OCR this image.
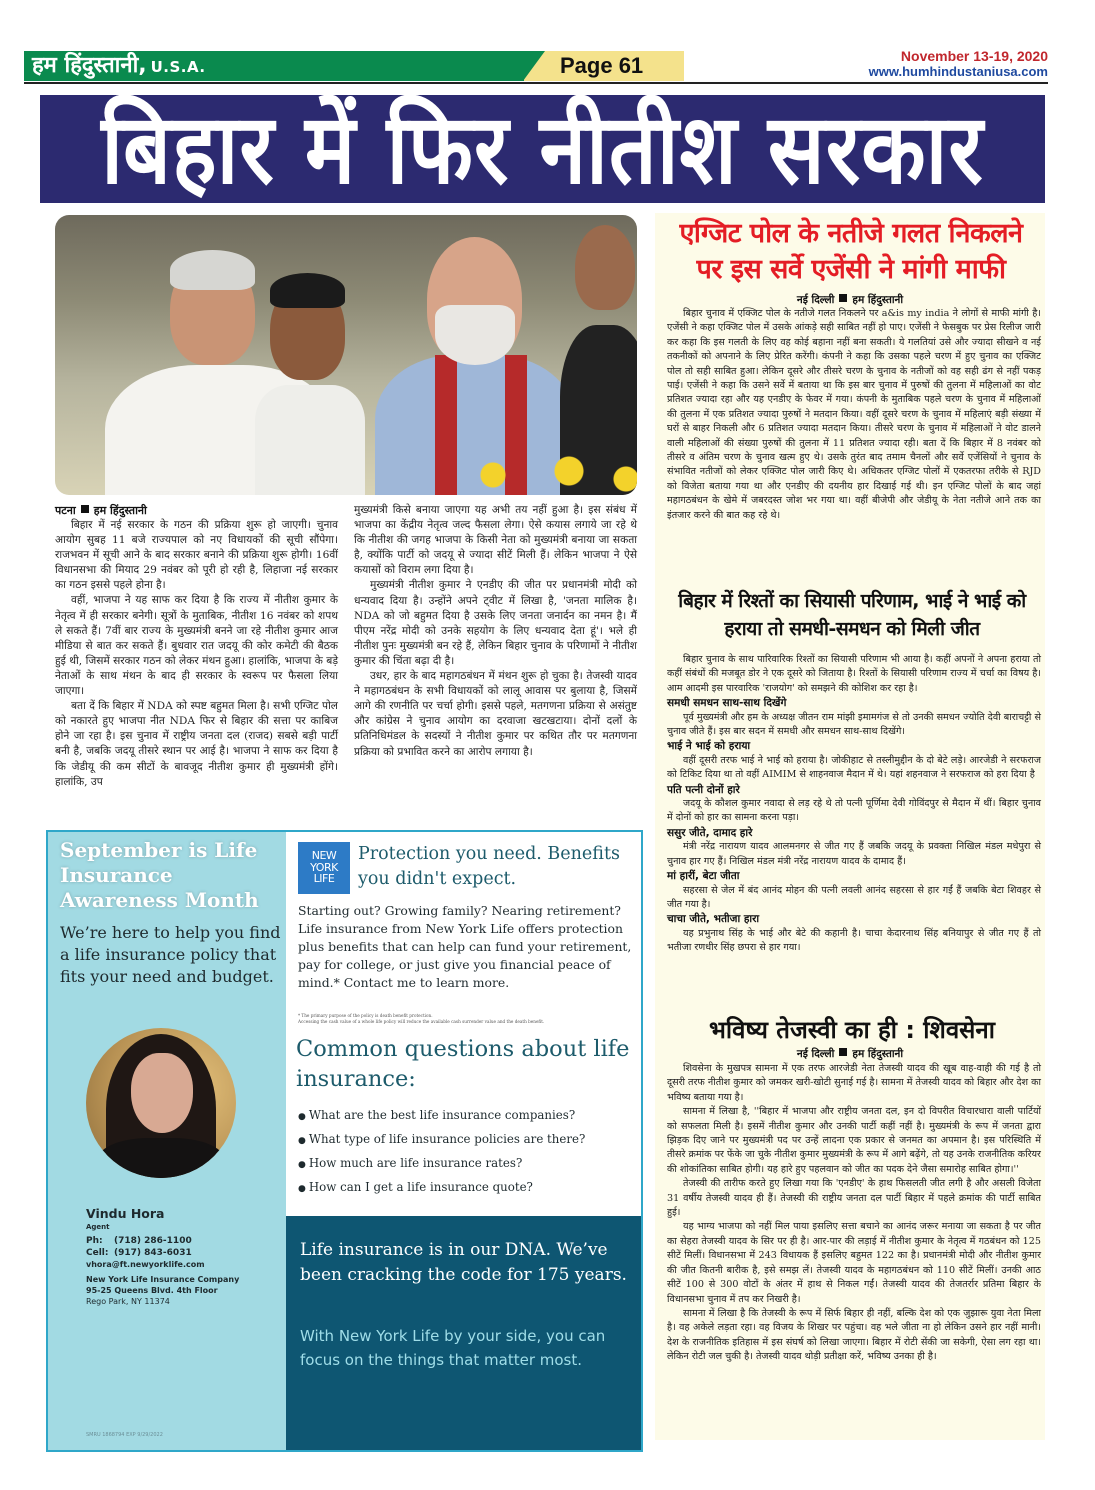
हम हिंदुस्तानी, U.S.A.	Page 61	November 13-19, 2020
www.humhindustaniusa.com
बिहार में फिर नीतीश सरकार
पटना हम हिंदुस्तानी

बिहार में नई सरकार के गठन की प्रक्रिया शुरू हो जाएगी। चुनाव आयोग सुबह 11 बजे राज्यपाल को नए विधायकों की सूची सौंपेगा। राजभवन में सूची आने के बाद सरकार बनाने की प्रक्रिया शुरू होगी। 16वीं विधानसभा की मियाद 29 नवंबर को पूरी हो रही है, लिहाजा नई सरकार का गठन इससे पहले होना है।

वहीं, भाजपा ने यह साफ कर दिया है कि राज्य में नीतीश कुमार के नेतृत्व में ही सरकार बनेगी। सूत्रों के मुताबिक, नीतीश 16 नवंबर को शपथ ले सकते हैं। 7वीं बार राज्य के मुख्यमंत्री बनने जा रहे नीतीश कुमार आज मीडिया से बात कर सकते हैं। बुधवार रात जदयू की कोर कमेटी की बैठक हुई थी, जिसमें सरकार गठन को लेकर मंथन हुआ। हालांकि, भाजपा के बड़े नेताओं के साथ मंथन के बाद ही सरकार के स्वरूप पर फैसला लिया जाएगा।

बता दें कि बिहार में NDA को स्पष्ट बहुमत मिला है। सभी एग्जिट पोल को नकारते हुए भाजपा नीत NDA फिर से बिहार की सत्ता पर काबिज होने जा रहा है। इस चुनाव में राष्ट्रीय जनता दल (राजद) सबसे बड़ी पार्टी बनी है, जबकि जदयू तीसरे स्थान पर आई है। भाजपा ने साफ कर दिया है कि जेडीयू की कम सीटों के बावजूद नीतीश कुमार ही मुख्यमंत्री होंगे। हालांकि, उप

मुख्यमंत्री किसे बनाया जाएगा यह अभी तय नहीं हुआ है। इस संबंध में भाजपा का केंद्रीय नेतृत्व जल्द फैसला लेगा। ऐसे कयास लगाये जा रहे थे कि नीतीश की जगह भाजपा के किसी नेता को मुख्यमंत्री बनाया जा सकता है, क्योंकि पार्टी को जदयू से ज्यादा सीटें मिली हैं। लेकिन भाजपा ने ऐसे कयासों को विराम लगा दिया है।

मुख्यमंत्री नीतीश कुमार ने एनडीए की जीत पर प्रधानमंत्री मोदी को धन्यवाद दिया है। उन्होंने अपने ट्वीट में लिखा है, 'जनता मालिक है। NDA को जो बहुमत दिया है उसके लिए जनता जनार्दन का नमन है। मैं पीएम नरेंद्र मोदी को उनके सहयोग के लिए धन्यवाद देता हूं'। भले ही नीतीश पुनः मुख्यमंत्री बन रहे हैं, लेकिन बिहार चुनाव के परिणामों ने नीतीश कुमार की चिंता बढ़ा दी है।

उधर, हार के बाद महागठबंधन में मंथन शुरू हो चुका है। तेजस्वी यादव ने महागठबंधन के सभी विधायकों को लालू आवास पर बुलाया है, जिसमें आगे की रणनीति पर चर्चा होगी। इससे पहले, मतगणना प्रक्रिया से असंतुष्ट और कांग्रेस ने चुनाव आयोग का दरवाजा खटखटाया। दोनों दलों के प्रतिनिधिमंडल के सदस्यों ने नीतीश कुमार पर कथित तौर पर मतगणना प्रक्रिया को प्रभावित करने का आरोप लगाया है।

September is Life Insurance Awareness Month
We’re here to help you find a life insurance policy that fits your need and budget.
Vindu Hora
Agent
Ph: (718) 286-1100
Cell: (917) 843-6031
vhora@ft.newyorklife.com
New York Life Insurance Company
95-25 Queens Blvd. 4th Floor
Rego Park, NY 11374
SMRU 1868794 EXP 9/29/2022
NEW
YORK
LIFE
Protection you need. Benefits you didn't expect.
Starting out? Growing family? Nearing retirement? Life insurance from New York Life offers protection plus benefits that can help can fund your retirement, pay for college, or just give you financial peace of mind.* Contact me to learn more.
* The primary purpose of the policy is death benefit protection.
Accessing the cash value of a whole life policy will reduce the available cash surrender value and the death benefit.
Common questions about life insurance:
● What are the best life insurance companies?
● What type of life insurance policies are there?
● How much are life insurance rates?
● How can I get a life insurance quote?
Life insurance is in our DNA. We’ve been cracking the code for 175 years.
With New York Life by your side, you can focus on the things that matter most.
एग्जिट पोल के नतीजे गलत निकलने पर इस सर्वे एजेंसी ने मांगी माफी
नई दिल्ली हम हिंदुस्तानी

बिहार चुनाव में एक्जिट पोल के नतीजे गलत निकलने पर a&is my india ने लोगों से माफी मांगी है। एजेंसी ने कहा एक्जिट पोल में उसके आंकड़े सही साबित नहीं हो पाए। एजेंसी ने फेसबुक पर प्रेस रिलीज जारी कर कहा कि इस गलती के लिए वह कोई बहाना नहीं बना सकती। ये गलतियां उसे और ज्यादा सीखने व नई तकनीकों को अपनाने के लिए प्रेरित करेंगी। कंपनी ने कहा कि उसका पहले चरण में हुए चुनाव का एक्जिट पोल तो सही साबित हुआ। लेकिन दूसरे और तीसरे चरण के चुनाव के नतीजों को वह सही ढंग से नहीं पकड़ पाई। एजेंसी ने कहा कि उसने सर्वे में बताया था कि इस बार चुनाव में पुरुषों की तुलना में महिलाओं का वोट प्रतिशत ज्यादा रहा और यह एनडीए के फेवर में गया। कंपनी के मुताबिक पहले चरण के चुनाव में महिलाओं की तुलना में एक प्रतिशत ज्यादा पुरुषों ने मतदान किया। वहीं दूसरे चरण के चुनाव में महिलाएं बड़ी संख्या में घरों से बाहर निकली और 6 प्रतिशत ज्यादा मतदान किया। तीसरे चरण के चुनाव में महिलाओं ने वोट डालने वाली महिलाओं की संख्या पुरुषों की तुलना में 11 प्रतिशत ज्यादा रही। बता दें कि बिहार में 8 नवंबर को तीसरे व अंतिम चरण के चुनाव खत्म हुए थे। उसके तुरंत बाद तमाम चैनलों और सर्वे एजेंसियों ने चुनाव के संभावित नतीजों को लेकर एक्जिट पोल जारी किए थे। अधिकतर एग्जिट पोलों में एकतरफा तरीके से RJD को विजेता बताया गया था और एनडीए की दयनीय हार दिखाई गई थी। इन एग्जिट पोलों के बाद जहां महागठबंधन के खेमे में जबरदस्त जोश भर गया था। वहीं बीजेपी और जेडीयू के नेता नतीजे आने तक का इंतजार करने की बात कह रहे थे।

बिहार में रिश्तों का सियासी परिणाम, भाई ने भाई को हराया तो समधी-समधन को मिली जीत

बिहार चुनाव के साथ पारिवारिक रिश्तों का सियासी परिणाम भी आया है। कहीं अपनों ने अपना हराया तो कहीं संबंधों की मजबूत डोर ने एक दूसरे को जिताया है। रिश्तों के सियासी परिणाम राज्य में चर्चा का विषय है। आम आदमी इस पारवारिक 'राजयोग' को समझने की कोशिश कर रहा है।

समधी समधन साथ-साथ दिखेंगे

पूर्व मुख्यमंत्री और हम के अध्यक्ष जीतन राम मांझी इमामगंज से तो उनकी समधन ज्योति देवी बाराचट्टी से चुनाव जीते हैं। इस बार सदन में समधी और समधन साथ-साथ दिखेंगे।

भाई ने भाई को हराया

वहीं दूसरी तरफ भाई ने भाई को हराया है। जोकीहाट से तस्लीमुद्दीन के दो बेटे लड़े। आरजेडी ने सरफराज को टिकिट दिया था तो वहीं AIMIM से शाहनवाज मैदान में थे। यहां शहनवाज ने सरफराज को हरा दिया है

पति पत्नी दोनों हारे

जदयू के कौशल कुमार नवादा से लड़ रहे थे तो पत्नी पूर्णिमा देवी गोविंदपुर से मैदान में थीं। बिहार चुनाव में दोनों को हार का सामना करना पड़ा।

ससुर जीते, दामाद हारे

मंत्री नरेंद्र नारायण यादव आलमनगर से जीत गए हैं जबकि जदयू के प्रवक्ता निखिल मंडल मधेपुरा से चुनाव हार गए हैं। निखिल मंडल मंत्री नरेंद्र नारायण यादव के दामाद हैं।

मां हारीं, बेटा जीता

सहरसा से जेल में बंद आनंद मोहन की पत्नी लवली आनंद सहरसा से हार गईं हैं जबकि बेटा शिवहर से जीत गया है।

चाचा जीते, भतीजा हारा

यह प्रभुनाथ सिंह के भाई और बेटे की कहानी है। चाचा केदारनाथ सिंह बनियापुर से जीत गए हैं तो भतीजा रणधीर सिंह छपरा से हार गया।

भविष्य तेजस्वी का ही : शिवसेना
नई दिल्ली हम हिंदुस्तानी

शिवसेना के मुखपत्र सामना में एक तरफ आरजेडी नेता तेजस्वी यादव की खूब वाह-वाही की गई है तो दूसरी तरफ नीतीश कुमार को जमकर खरी-खोटी सुनाई गई है। सामना में तेजस्वी यादव को बिहार और देश का भविष्य बताया गया है।

सामना में लिखा है, ''बिहार में भाजपा और राष्ट्रीय जनता दल, इन दो विपरीत विचारधारा वाली पार्टियों को सफलता मिली है। इसमें नीतीश कुमार और उनकी पार्टी कहीं नहीं है। मुख्यमंत्री के रूप में जनता द्वारा झिड़क दिए जाने पर मुख्यमंत्री पद पर उन्हें लादना एक प्रकार से जनमत का अपमान है। इस परिस्थिति में तीसरे क्रमांक पर फेंके जा चुके नीतीश कुमार मुख्यमंत्री के रूप में आगे बढ़ेंगे, तो यह उनके राजनीतिक करियर की शोकांतिका साबित होगी। यह हारे हुए पहलवान को जीत का पदक देने जैसा समारोह साबित होगा।''

तेजस्वी की तारीफ करते हुए लिखा गया कि 'एनडीए' के हाथ फिसलती जीत लगी है और असली विजेता 31 वर्षीय तेजस्वी यादव ही हैं। तेजस्वी की राष्ट्रीय जनता दल पार्टी बिहार में पहले क्रमांक की पार्टी साबित हुई।

यह भाग्य भाजपा को नहीं मिल पाया इसलिए सत्ता बचाने का आनंद जरूर मनाया जा सकता है पर जीत का सेहरा तेजस्वी यादव के सिर पर ही है। आर-पार की लड़ाई में नीतीश कुमार के नेतृत्व में गठबंधन को 125 सीटें मिलीं। विधानसभा में 243 विधायक हैं इसलिए बहुमत 122 का है। प्रधानमंत्री मोदी और नीतीश कुमार की जीत कितनी बारीक है, इसे समझ लें। तेजस्वी यादव के महागठबंधन को 110 सीटें मिलीं। उनकी आठ सीटें 100 से 300 वोटों के अंतर में हाथ से निकल गईं। तेजस्वी यादव की तेजतर्रार प्रतिमा बिहार के विधानसभा चुनाव में तप कर निखरी है।

सामना में लिखा है कि तेजस्वी के रूप में सिर्फ बिहार ही नहीं, बल्कि देश को एक जुझारू युवा नेता मिला है। वह अकेले लड़ता रहा। वह विजय के शिखर पर पहुंचा। वह भले जीता ना हो लेकिन उसने हार नहीं मानी। देश के राजनीतिक इतिहास में इस संघर्ष को लिखा जाएगा। बिहार में रोटी सेंकी जा सकेगी, ऐसा लग रहा था। लेकिन रोटी जल चुकी है। तेजस्वी यादव थोड़ी प्रतीक्षा करें, भविष्य उनका ही है।
